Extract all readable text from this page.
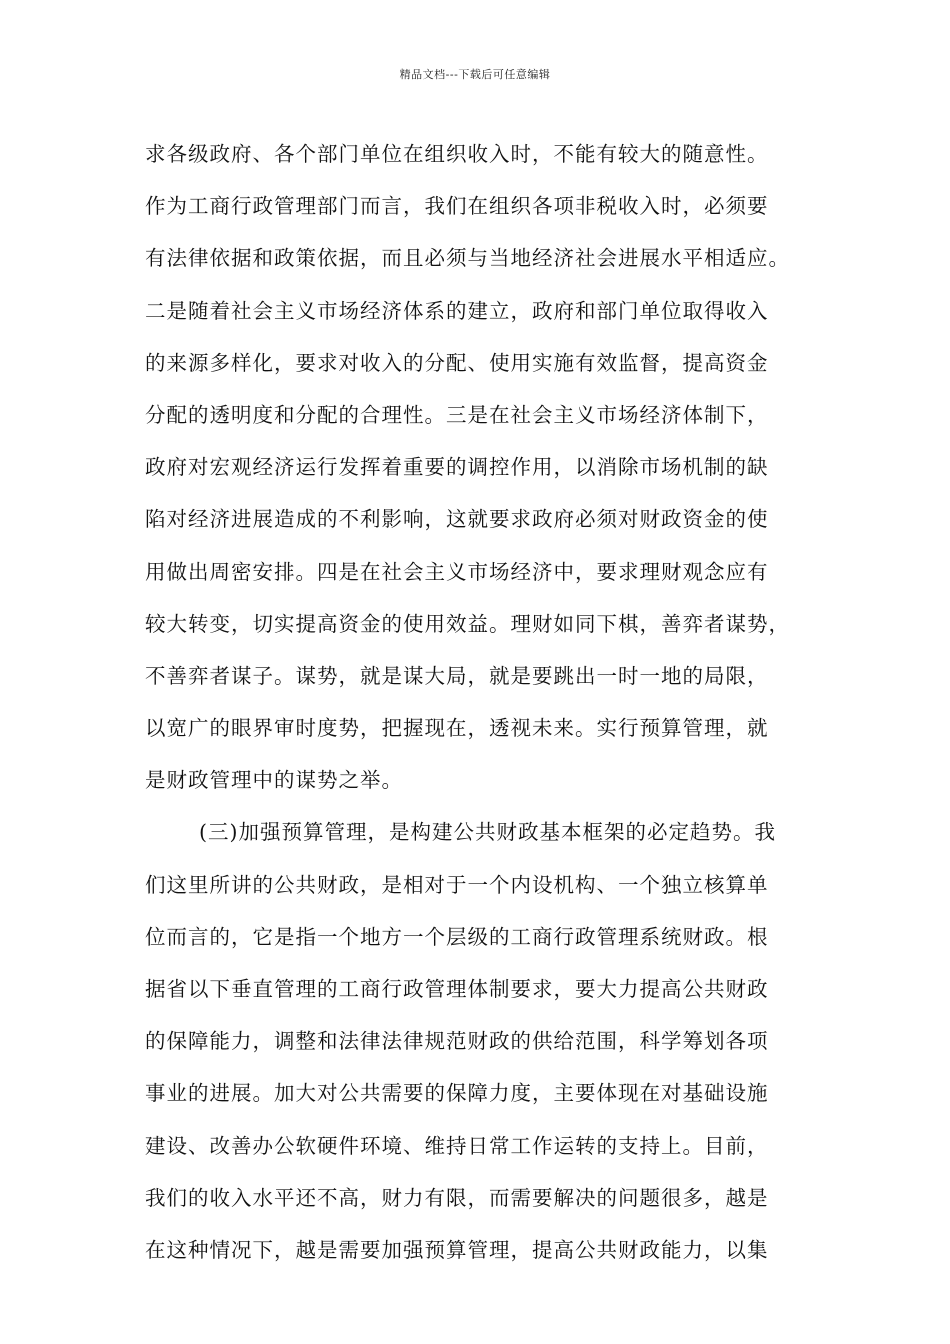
精品文档---下载后可任意编辑
求各级政府、各个部门单位在组织收入时，不能有较大的随意性。
作为工商行政管理部门而言，我们在组织各项非税收入时，必须要
有法律依据和政策依据，而且必须与当地经济社会进展水平相适应。
二是随着社会主义市场经济体系的建立，政府和部门单位取得收入
的来源多样化，要求对收入的分配、使用实施有效监督，提高资金
分配的透明度和分配的合理性。三是在社会主义市场经济体制下，
政府对宏观经济运行发挥着重要的调控作用，以消除市场机制的缺
陷对经济进展造成的不利影响，这就要求政府必须对财政资金的使
用做出周密安排。四是在社会主义市场经济中，要求理财观念应有
较大转变，切实提高资金的使用效益。理财如同下棋，善弈者谋势，
不善弈者谋子。谋势，就是谋大局，就是要跳出一时一地的局限，
以宽广的眼界审时度势，把握现在，透视未来。实行预算管理，就
是财政管理中的谋势之举。
(三)加强预算管理，是构建公共财政基本框架的必定趋势。我
们这里所讲的公共财政，是相对于一个内设机构、一个独立核算单
位而言的，它是指一个地方一个层级的工商行政管理系统财政。根
据省以下垂直管理的工商行政管理体制要求，要大力提高公共财政
的保障能力，调整和法律法律规范财政的供给范围，科学筹划各项
事业的进展。加大对公共需要的保障力度，主要体现在对基础设施
建设、改善办公软硬件环境、维持日常工作运转的支持上。目前，
我们的收入水平还不高，财力有限，而需要解决的问题很多，越是
在这种情况下，越是需要加强预算管理，提高公共财政能力，以集
